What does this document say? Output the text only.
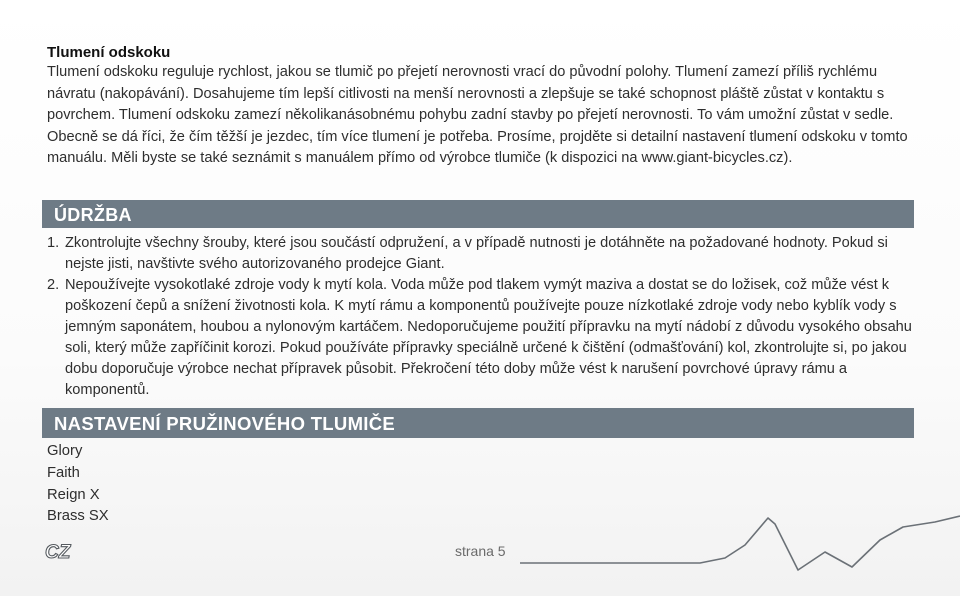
Tlumení odskoku
Tlumení odskoku reguluje rychlost, jakou se tlumič po přejetí nerovnosti vrací do původní polohy. Tlumení zamezí příliš rychlému návratu (nakopávání). Dosahujeme tím lepší citlivosti na menší nerovnosti a zlepšuje se také schopnost pláště zůstat v kontaktu s povrchem. Tlumení odskoku zamezí několikanásobnému pohybu zadní stavby po přejetí nerovnosti. To vám umožní zůstat v sedle. Obecně se dá říci, že čím těžší je jezdec, tím více tlumení je potřeba. Prosíme, projděte si detailní nastavení tlumení odskoku v tomto manuálu. Měli byste se také seznámit s manuálem přímo od výrobce tlumiče (k dispozici na www.giant-bicycles.cz).
ÚDRŽBA
1. Zkontrolujte všechny šrouby, které jsou součástí odpružení, a v případě nutnosti je dotáhněte na požadované hodnoty. Pokud si nejste jisti, navštivte svého autorizovaného prodejce Giant.
2. Nepoužívejte vysokotlaké zdroje vody k mytí kola. Voda může pod tlakem vymýt maziva a dostat se do ložisek, což může vést k poškození čepů a snížení životnosti kola. K mytí rámu a komponentů používejte pouze nízkotlaké zdroje vody nebo kyblík vody s jemným saponátem, houbou a nylonovým kartáčem. Nedoporučujeme použití přípravku na mytí nádobí z důvodu vysokého obsahu soli, který může zapříčinit korozi. Pokud používáte přípravky speciálně určené k čištění (odmašťování) kol, zkontrolujte si, po jakou dobu doporučuje výrobce nechat přípravek působit. Překročení této doby může vést k narušení povrchové úpravy rámu a komponentů.
NASTAVENÍ PRUŽINOVÉHO TLUMIČE
Glory
Faith
Reign X
Brass SX
CZ	strana 5
